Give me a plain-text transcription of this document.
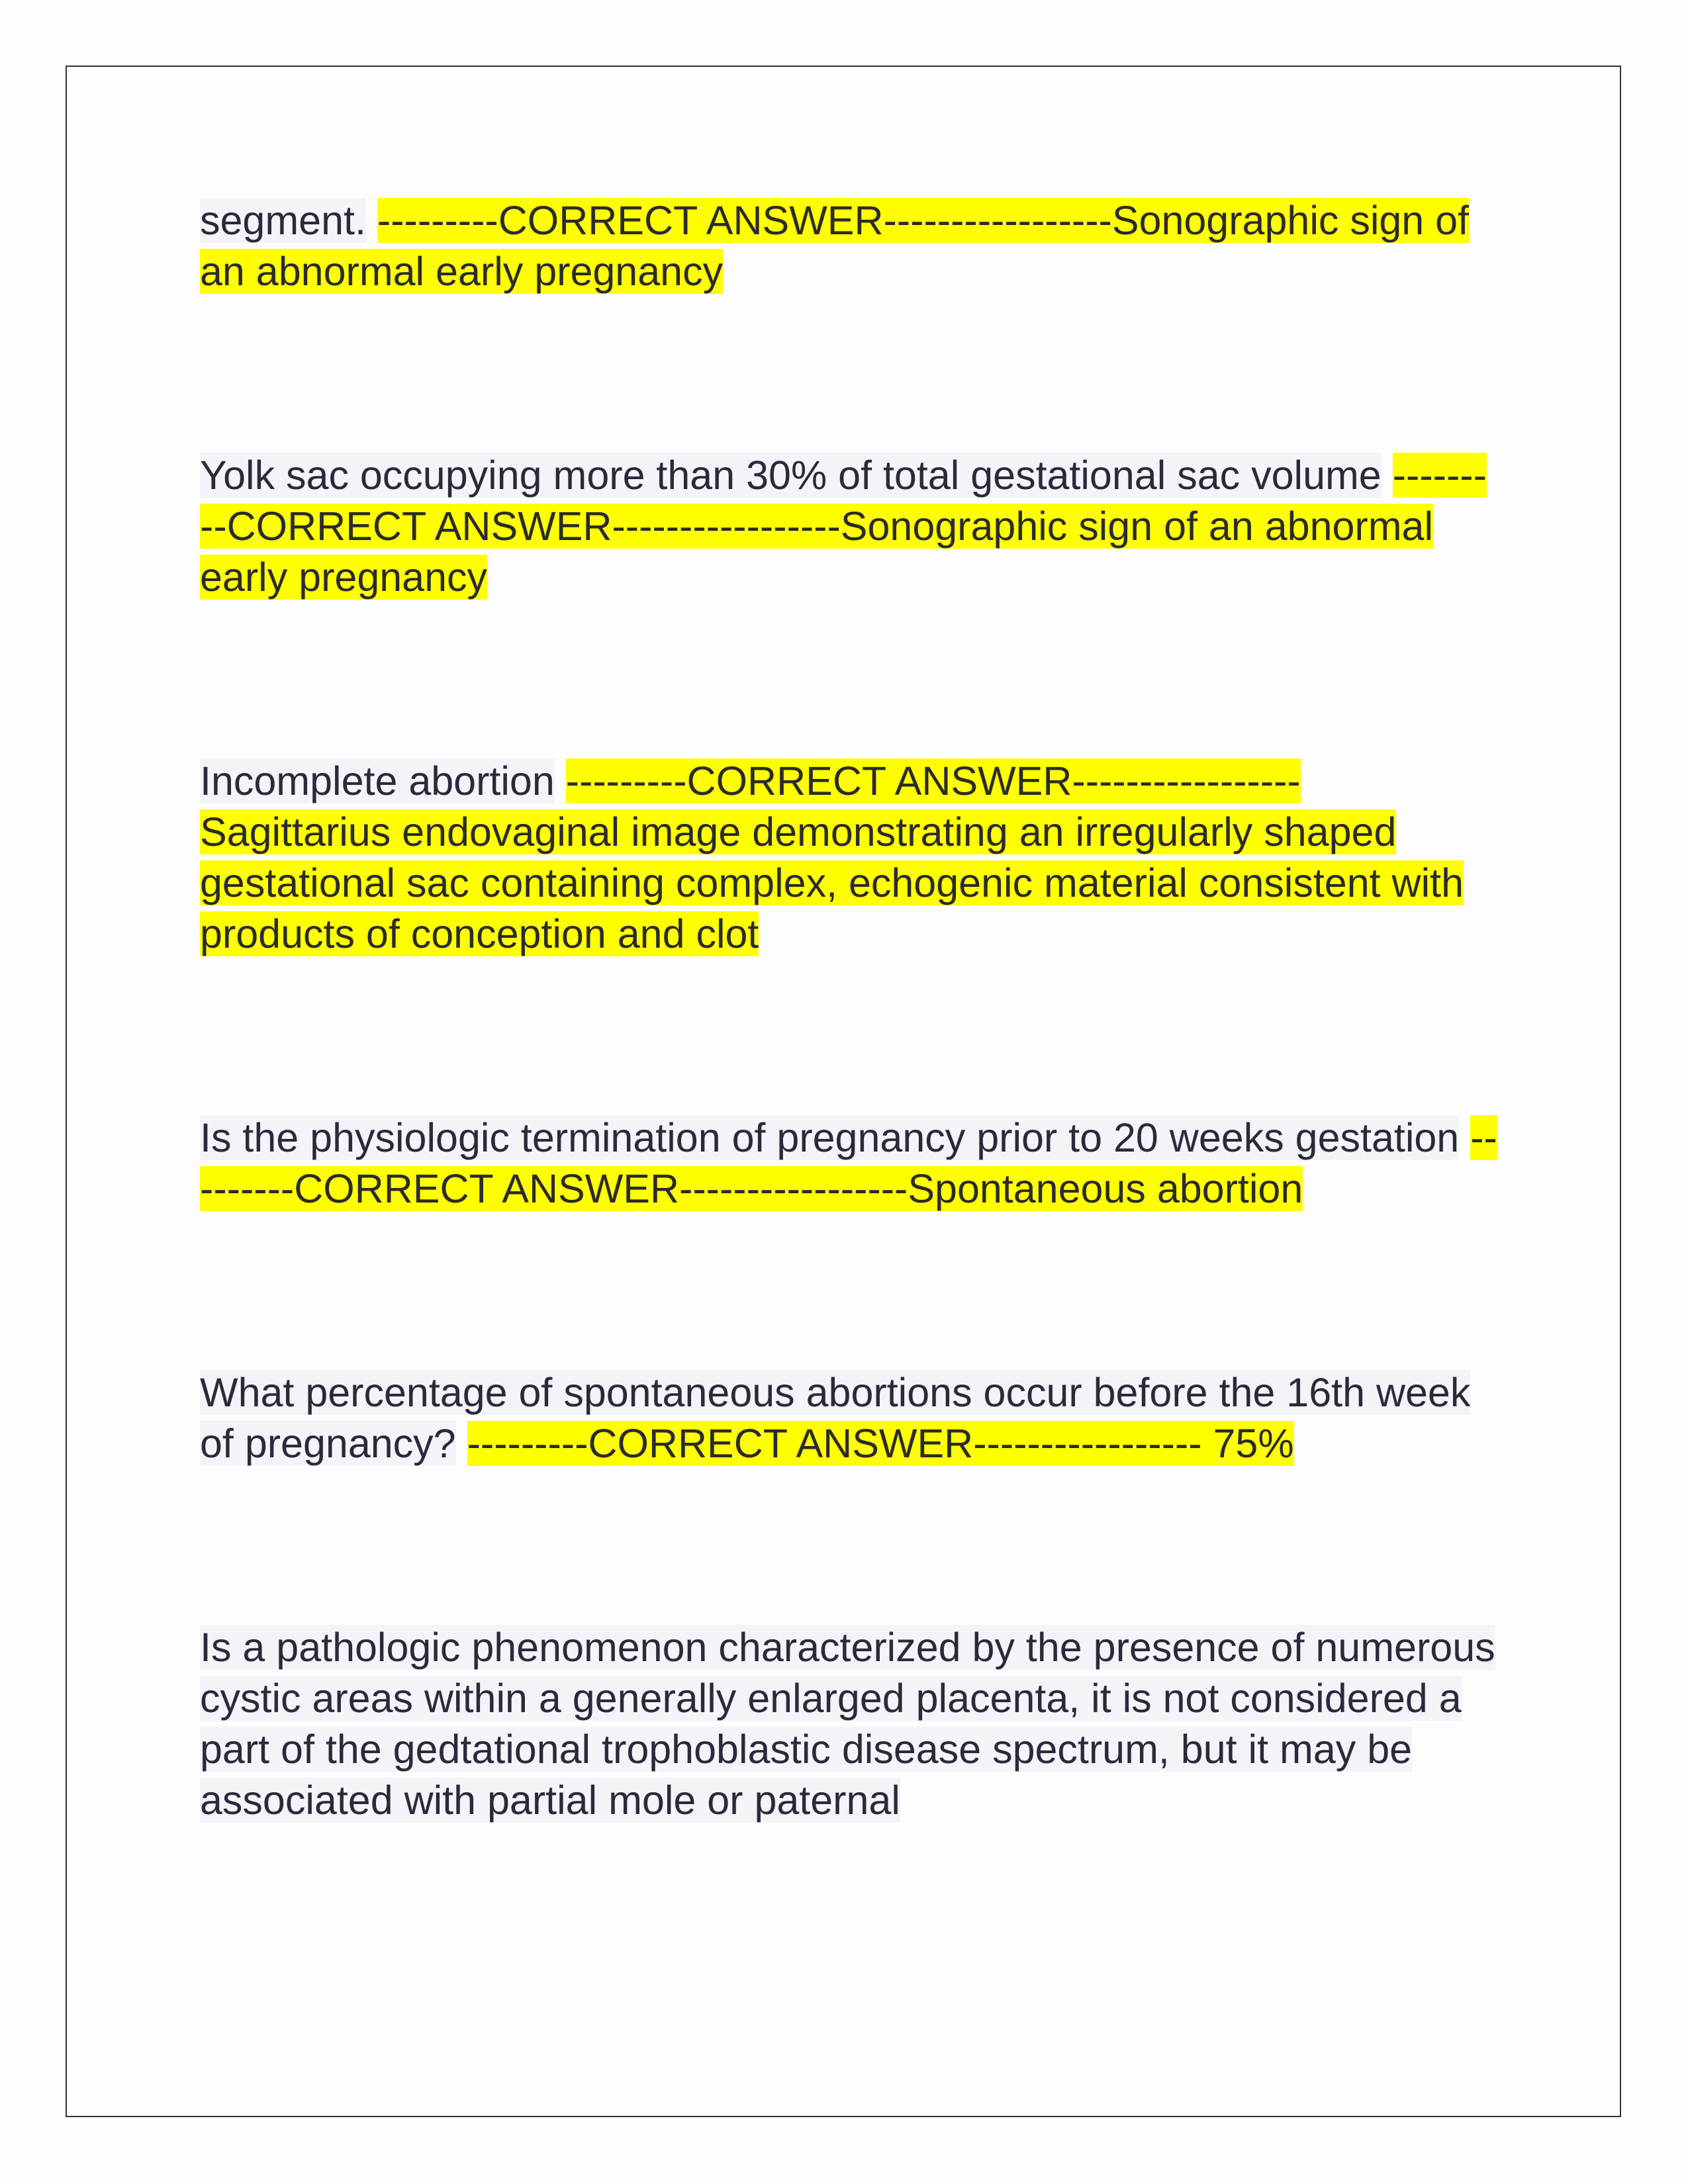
segment. ---------CORRECT ANSWER-----------------Sonographic sign of an abnormal early pregnancy

Yolk sac occupying more than 30% of total gestational sac volume ---------CORRECT ANSWER-----------------Sonographic sign of an abnormal early pregnancy

Incomplete abortion ---------CORRECT ANSWER----------------- Sagittarius endovaginal image demonstrating an irregularly shaped gestational sac containing complex, echogenic material consistent with products of conception and clot

Is the physiologic termination of pregnancy prior to 20 weeks gestation ---------CORRECT ANSWER-----------------Spontaneous abortion

What percentage of spontaneous abortions occur before the 16th week of pregnancy? ---------CORRECT ANSWER----------------- 75%

Is a pathologic phenomenon characterized by the presence of numerous cystic areas within a generally enlarged placenta, it is not considered a part of the gedtational trophoblastic disease spectrum, but it may be associated with partial mole or paternal
